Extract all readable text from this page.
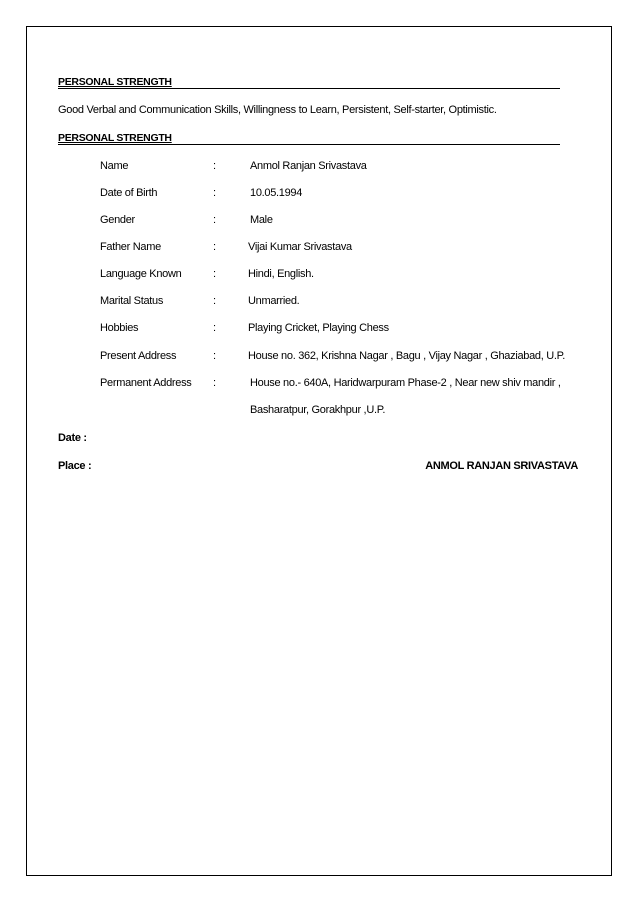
PERSONAL STRENGTH
Good Verbal and Communication Skills, Willingness to Learn, Persistent, Self-starter, Optimistic.
PERSONAL STRENGTH
Name	:	Anmol Ranjan Srivastava
Date of Birth	:	10.05.1994
Gender	:	Male
Father Name	:	Vijai Kumar Srivastava
Language Known	:	Hindi, English.
Marital Status	:	Unmarried.
Hobbies	:	Playing Cricket, Playing Chess
Present Address	:	House no. 362, Krishna Nagar , Bagu , Vijay Nagar , Ghaziabad, U.P.
Permanent Address :	House no.- 640A, Haridwarpuram Phase-2 , Near new shiv mandir ,
Basharatpur, Gorakhpur ,U.P.
Date :
Place :	ANMOL RANJAN SRIVASTAVA
